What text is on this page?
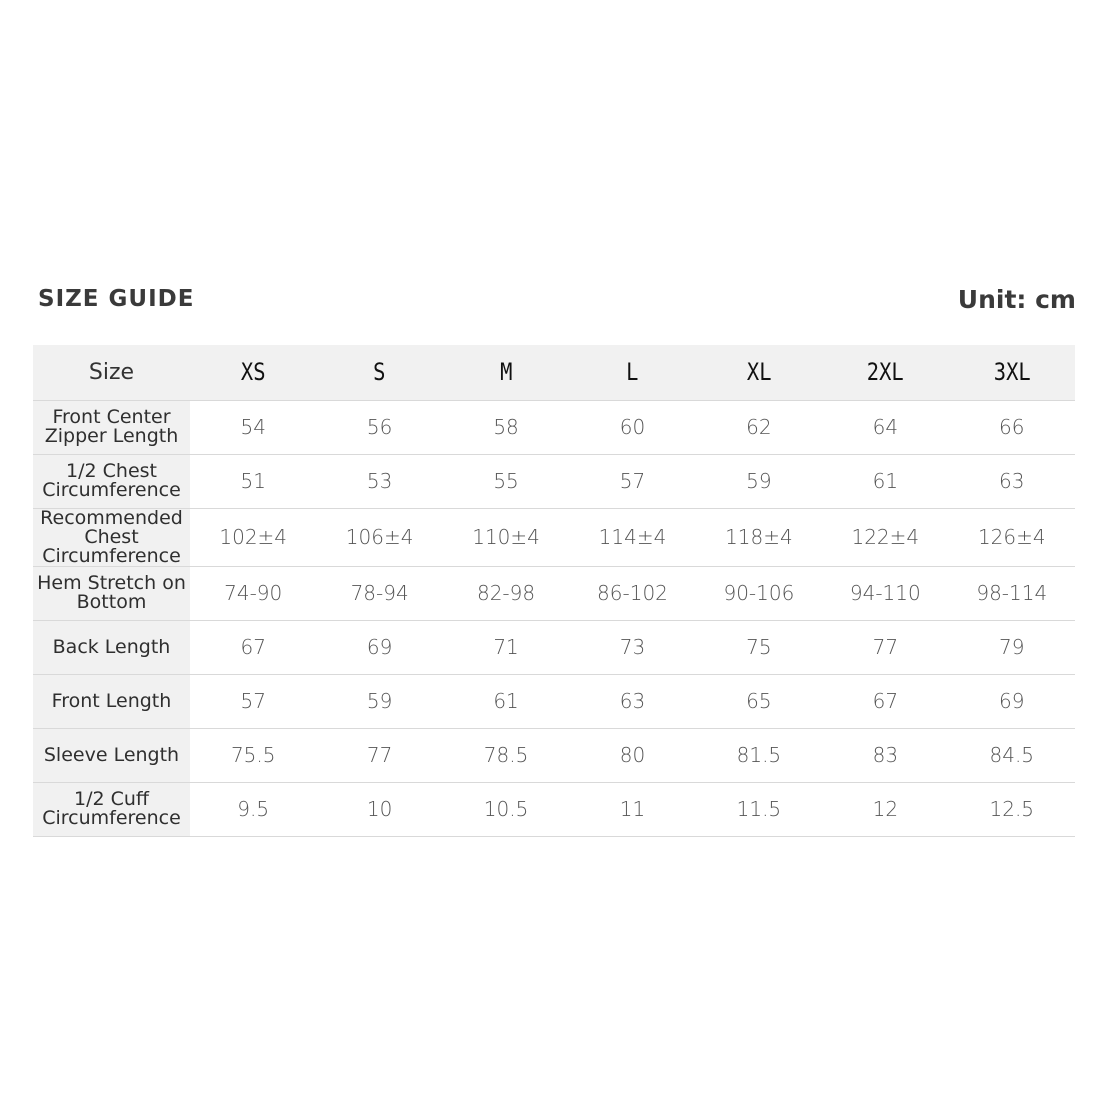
SIZE GUIDE	Unit: cm
Size	XS	S	M	L	XL	2XL	3XL
Front Center Zipper Length	54	56	58	60	62	64	66
1/2 Chest Circumference	51	53	55	57	59	61	63
Recommended Chest Circumference	102±4	106±4	110±4	114±4	118±4	122±4	126±4
Hem Stretch on Bottom	74-90	78-94	82-98	86-102	90-106	94-110	98-114
Back Length	67	69	71	73	75	77	79
Front Length	57	59	61	63	65	67	69
Sleeve Length	75.5	77	78.5	80	81.5	83	84.5
1/2 Cuff Circumference	9.5	10	10.5	11	11.5	12	12.5
